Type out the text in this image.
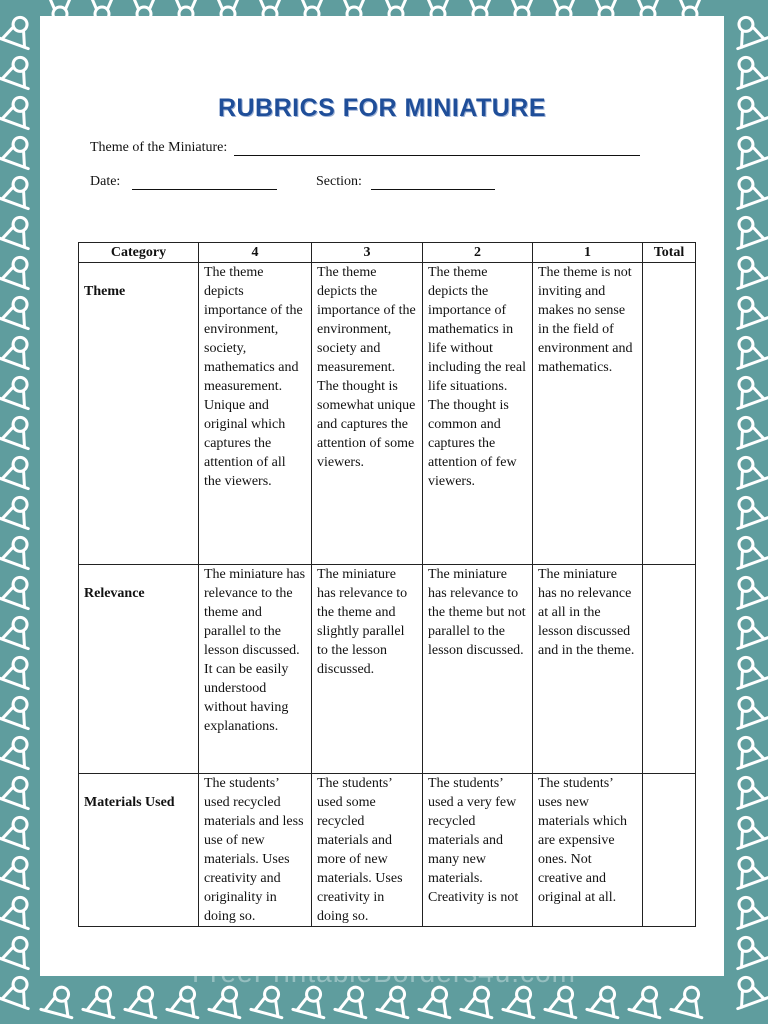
RUBRICS FOR MINIATURE
Theme of the Miniature:
Date:	Section:
Category	4	3	2	1	Total
Theme	The theme depicts importance of the environment, society, mathematics and measurement. Unique and original which captures the attention of all the viewers.	The theme depicts the importance of the environment, society and measurement. The thought is somewhat unique and captures the attention of some viewers.	The theme depicts the importance of mathematics in life without including the real life situations. The thought is common and captures the attention of few viewers.	The theme is not inviting and makes no sense in the field of environment and mathematics.	
Relevance	The miniature has relevance to the theme and parallel to the lesson discussed. It can be easily understood without having explanations.	The miniature has relevance to the theme and slightly parallel to the lesson discussed.	The miniature has relevance to the theme but not parallel to the lesson discussed.	The miniature has no relevance at all in the lesson discussed and in the theme.	
Materials Used	The students’ used recycled materials and less use of new materials. Uses creativity and originality in doing so.	The students’ used some recycled materials and more of new materials. Uses creativity in doing so.	The students’ used a very few recycled materials and many new materials. Creativity is not	The students’ uses new materials which are expensive ones. Not creative and original at all.	
FreePrintableBorders4u.com
